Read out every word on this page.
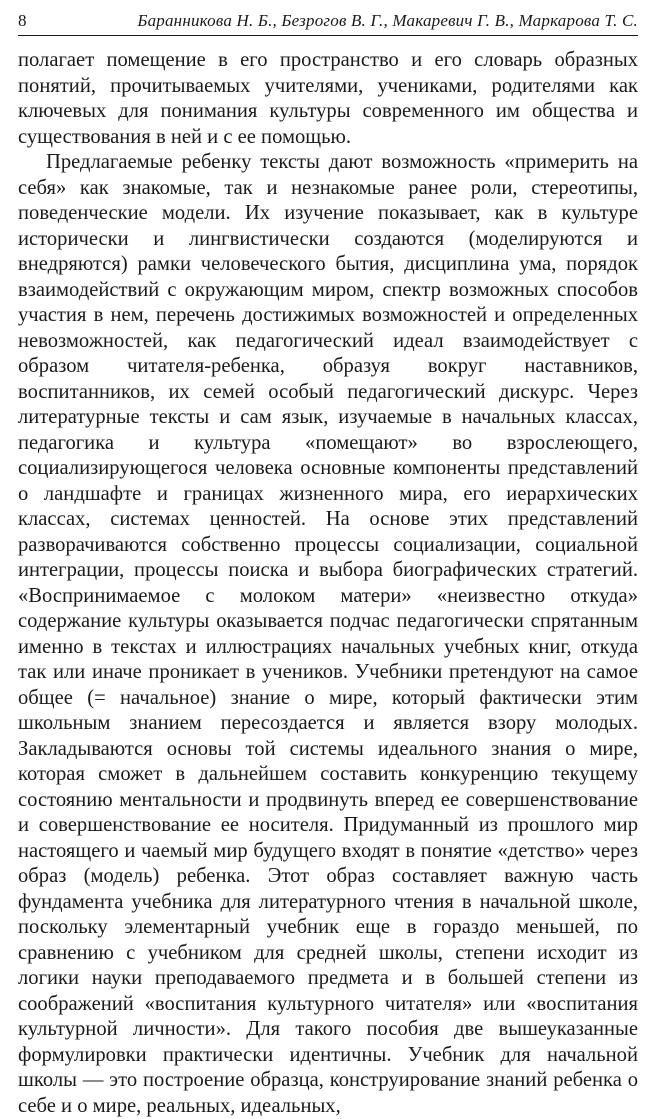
8	Баранникова Н. Б., Безрогов В. Г., Макаревич Г. В., Маркарова Т. С.

полагает помещение в его пространство и его словарь образных понятий, прочитываемых учителями, учениками, родителями как ключевых для понимания культуры современного им общества и существования в ней и с ее помощью.

Предлагаемые ребенку тексты дают возможность «примерить на себя» как знакомые, так и незнакомые ранее роли, стереотипы, поведенческие модели. Их изучение показывает, как в культуре исторически и лингвистически создаются (моделируются и внедряются) рамки человеческого бытия, дисциплина ума, порядок взаимодействий с окружающим миром, спектр возможных способов участия в нем, перечень достижимых возможностей и определенных невозможностей, как педагогический идеал взаимодействует с образом читателя-ребенка, образуя вокруг наставников, воспитанников, их семей особый педагогический дискурс. Через литературные тексты и сам язык, изучаемые в начальных классах, педагогика и культура «помещают» во взрослеющего, социализирующегося человека основные компоненты представлений о ландшафте и границах жизненного мира, его иерархических классах, системах ценностей. На основе этих представлений разворачиваются собственно процессы социализации, социальной интеграции, процессы поиска и выбора биографических стратегий. «Воспринимаемое с молоком матери» «неизвестно откуда» содержание культуры оказывается подчас педагогически спрятанным именно в текстах и иллюстрациях начальных учебных книг, откуда так или иначе проникает в учеников. Учебники претендуют на самое общее (= начальное) знание о мире, который фактически этим школьным знанием пересоздается и является взору молодых. Закладываются основы той системы идеального знания о мире, которая сможет в дальнейшем составить конкуренцию текущему состоянию ментальности и продвинуть вперед ее совершенствование и совершенствование ее носителя. Придуманный из прошлого мир настоящего и чаемый мир будущего входят в понятие «детство» через образ (модель) ребенка. Этот образ составляет важную часть фундамента учебника для литературного чтения в начальной школе, поскольку элементарный учебник еще в гораздо меньшей, по сравнению с учебником для средней школы, степени исходит из логики науки преподаваемого предмета и в большей степени из соображений «воспитания культурного читателя» или «воспитания культурной личности». Для такого пособия две вышеуказанные формулировки практически идентичны. Учебник для начальной школы — это построение образца, конструирование знаний ребенка о себе и о мире, реальных, идеальных,
